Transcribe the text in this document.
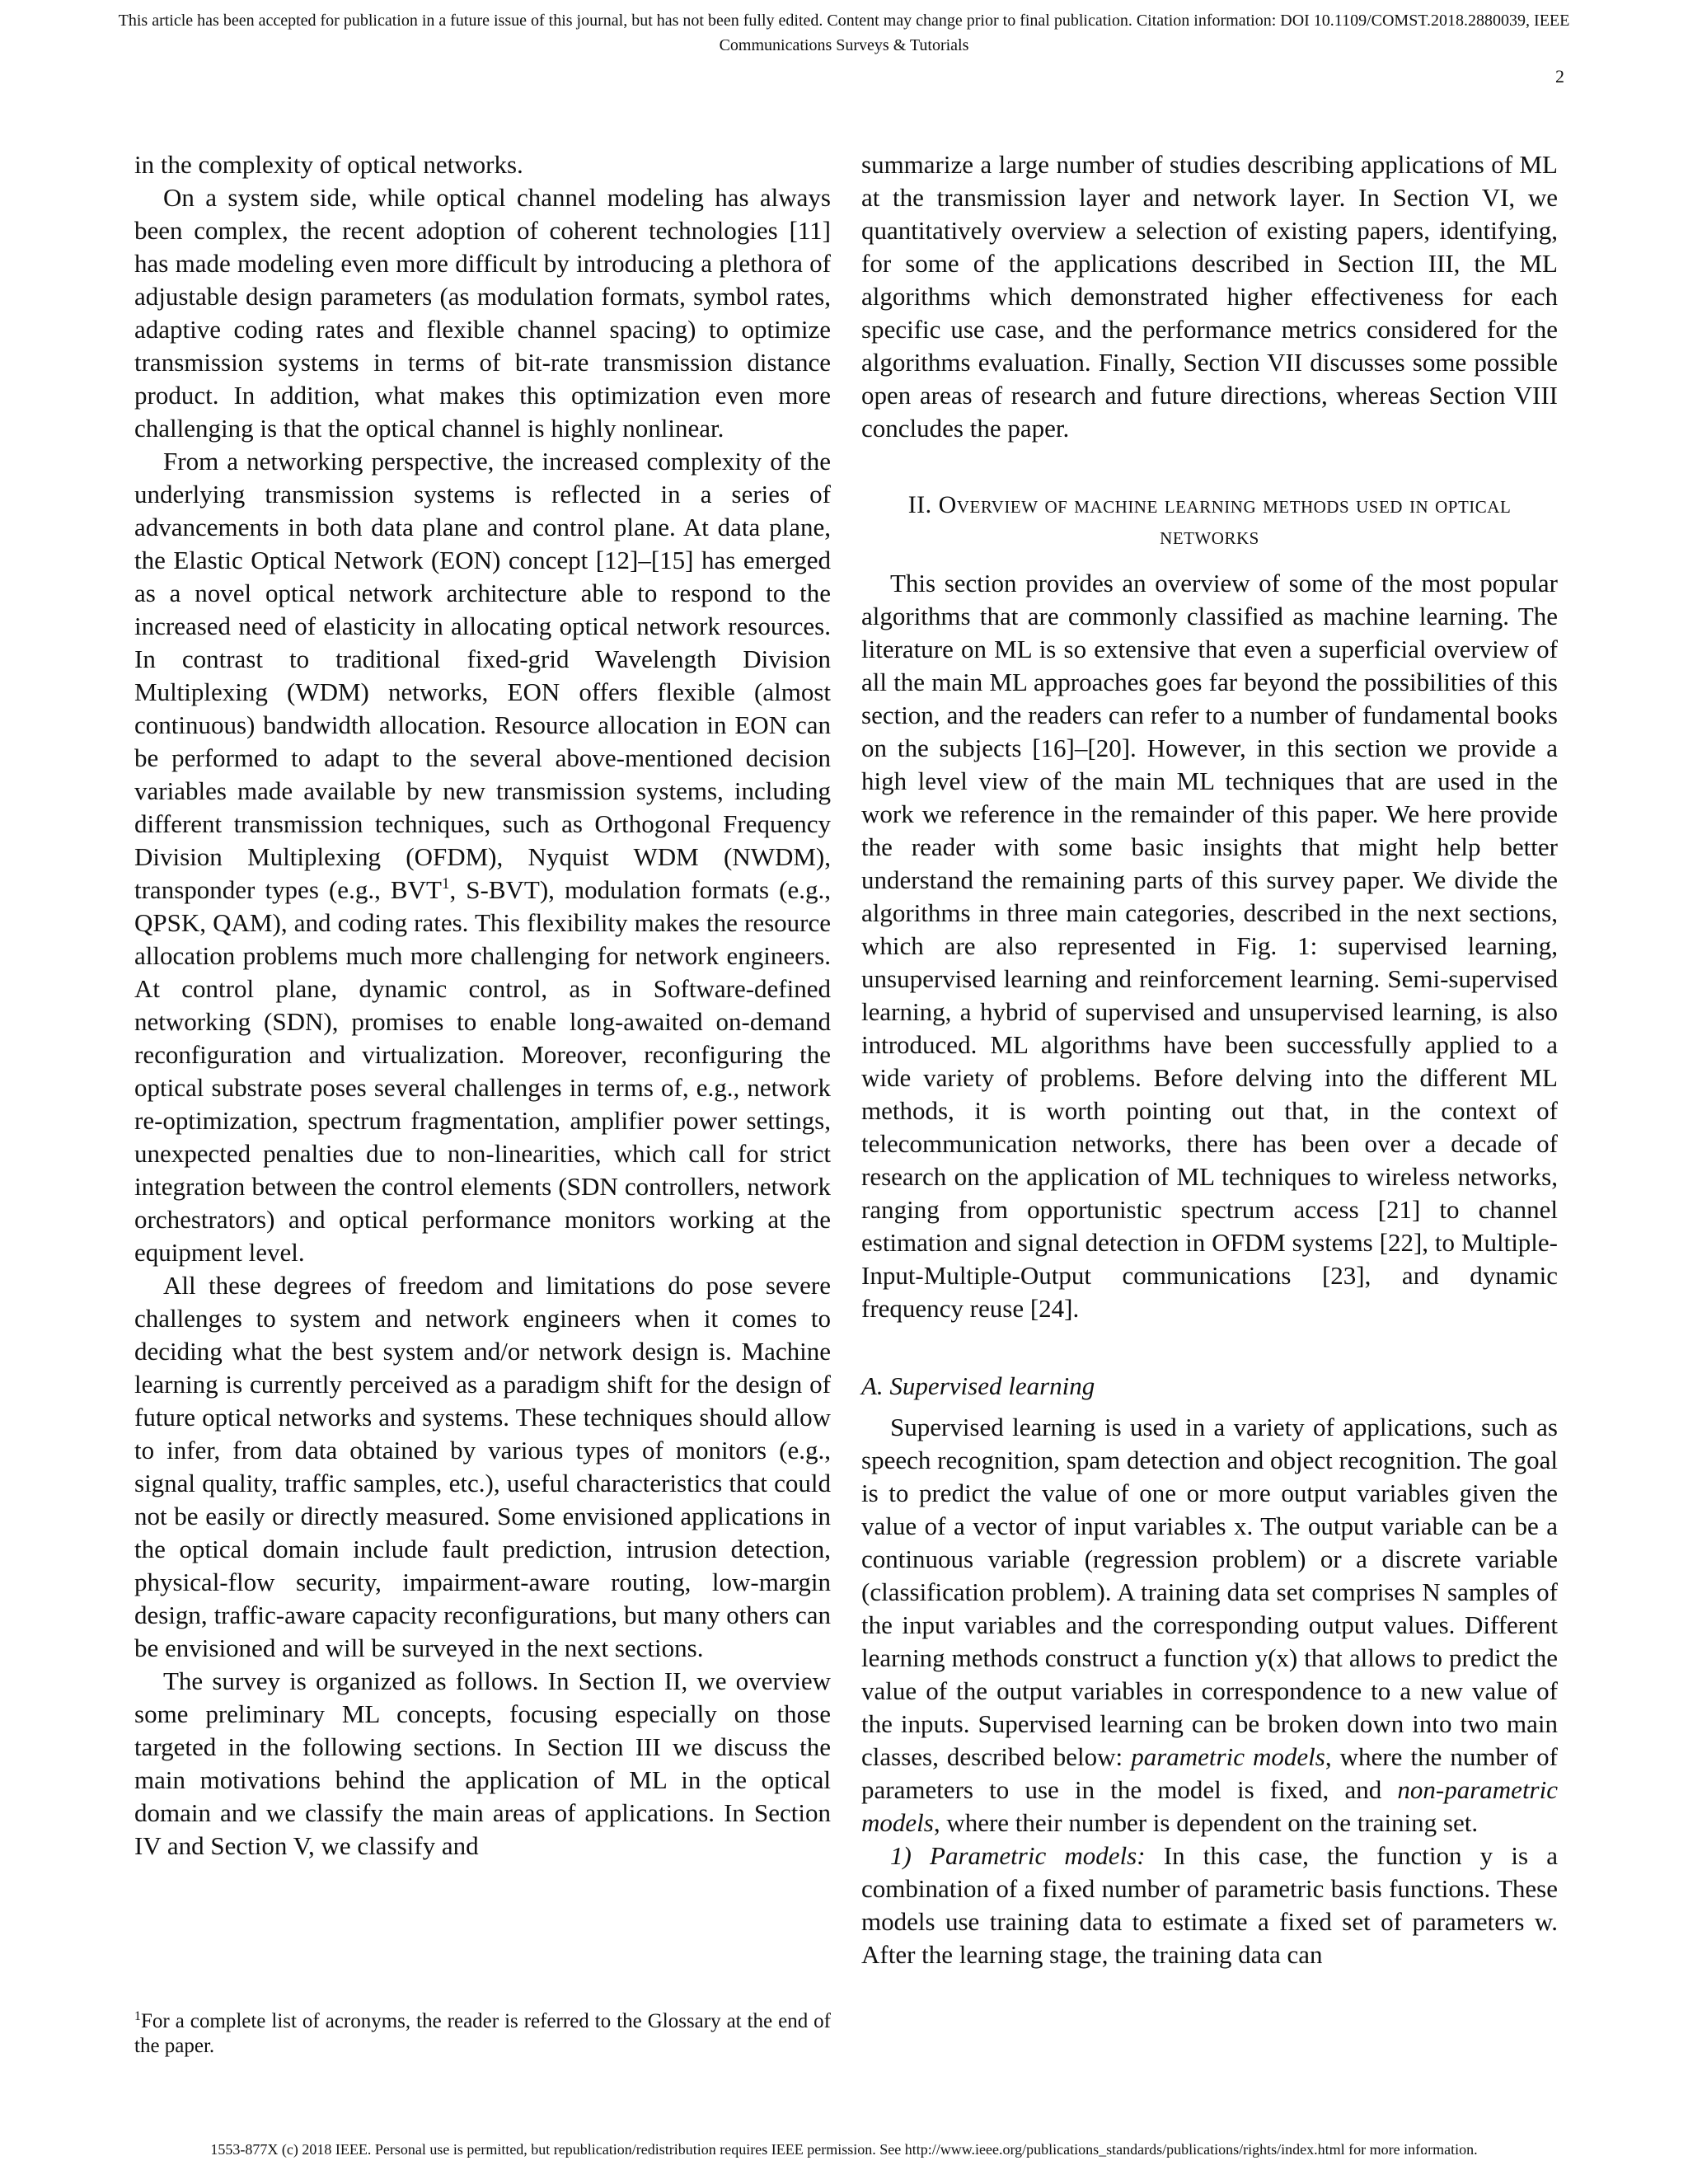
This article has been accepted for publication in a future issue of this journal, but has not been fully edited. Content may change prior to final publication. Citation information: DOI 10.1109/COMST.2018.2880039, IEEE
Communications Surveys & Tutorials
2

in the complexity of optical networks.

On a system side, while optical channel modeling has always been complex, the recent adoption of coherent technologies [11] has made modeling even more difficult by introducing a plethora of adjustable design parameters (as modulation formats, symbol rates, adaptive coding rates and flexible channel spacing) to optimize transmission systems in terms of bit-rate transmission distance product. In addition, what makes this optimization even more challenging is that the optical channel is highly nonlinear.

From a networking perspective, the increased complexity of the underlying transmission systems is reflected in a series of advancements in both data plane and control plane. At data plane, the Elastic Optical Network (EON) concept [12]–[15] has emerged as a novel optical network architecture able to respond to the increased need of elasticity in allocating optical network resources. In contrast to traditional fixed-grid Wavelength Division Multiplexing (WDM) networks, EON offers flexible (almost continuous) bandwidth allocation. Resource allocation in EON can be performed to adapt to the several above-mentioned decision variables made available by new transmission systems, including different transmission techniques, such as Orthogonal Frequency Division Multiplexing (OFDM), Nyquist WDM (NWDM), transponder types (e.g., BVT$^1$, S-BVT), modulation formats (e.g., QPSK, QAM), and coding rates. This flexibility makes the resource allocation problems much more challenging for network engineers. At control plane, dynamic control, as in Software-defined networking (SDN), promises to enable long-awaited on-demand reconfiguration and virtualization. Moreover, reconfiguring the optical substrate poses several challenges in terms of, e.g., network re-optimization, spectrum fragmentation, amplifier power settings, unexpected penalties due to non-linearities, which call for strict integration between the control elements (SDN controllers, network orchestrators) and optical performance monitors working at the equipment level.

All these degrees of freedom and limitations do pose severe challenges to system and network engineers when it comes to deciding what the best system and/or network design is. Machine learning is currently perceived as a paradigm shift for the design of future optical networks and systems. These techniques should allow to infer, from data obtained by various types of monitors (e.g., signal quality, traffic samples, etc.), useful characteristics that could not be easily or directly measured. Some envisioned applications in the optical domain include fault prediction, intrusion detection, physical-flow security, impairment-aware routing, low-margin design, traffic-aware capacity reconfigurations, but many others can be envisioned and will be surveyed in the next sections.

The survey is organized as follows. In Section II, we overview some preliminary ML concepts, focusing especially on those targeted in the following sections. In Section III we discuss the main motivations behind the application of ML in the optical domain and we classify the main areas of applications. In Section IV and Section V, we classify and

$^1$For a complete list of acronyms, the reader is referred to the Glossary at the end of the paper.

summarize a large number of studies describing applications of ML at the transmission layer and network layer. In Section VI, we quantitatively overview a selection of existing papers, identifying, for some of the applications described in Section III, the ML algorithms which demonstrated higher effectiveness for each specific use case, and the performance metrics considered for the algorithms evaluation. Finally, Section VII discusses some possible open areas of research and future directions, whereas Section VIII concludes the paper.

II. Overview of machine learning methods used in optical networks

This section provides an overview of some of the most popular algorithms that are commonly classified as machine learning. The literature on ML is so extensive that even a superficial overview of all the main ML approaches goes far beyond the possibilities of this section, and the readers can refer to a number of fundamental books on the subjects [16]–[20]. However, in this section we provide a high level view of the main ML techniques that are used in the work we reference in the remainder of this paper. We here provide the reader with some basic insights that might help better understand the remaining parts of this survey paper. We divide the algorithms in three main categories, described in the next sections, which are also represented in Fig. 1: supervised learning, unsupervised learning and reinforcement learning. Semi-supervised learning, a hybrid of supervised and unsupervised learning, is also introduced. ML algorithms have been successfully applied to a wide variety of problems. Before delving into the different ML methods, it is worth pointing out that, in the context of telecommunication networks, there has been over a decade of research on the application of ML techniques to wireless networks, ranging from opportunistic spectrum access [21] to channel estimation and signal detection in OFDM systems [22], to Multiple-Input-Multiple-Output communications [23], and dynamic frequency reuse [24].

A. Supervised learning

Supervised learning is used in a variety of applications, such as speech recognition, spam detection and object recognition. The goal is to predict the value of one or more output variables given the value of a vector of input variables x. The output variable can be a continuous variable (regression problem) or a discrete variable (classification problem). A training data set comprises N samples of the input variables and the corresponding output values. Different learning methods construct a function y(x) that allows to predict the value of the output variables in correspondence to a new value of the inputs. Supervised learning can be broken down into two main classes, described below: parametric models, where the number of parameters to use in the model is fixed, and non-parametric models, where their number is dependent on the training set.

1) Parametric models: In this case, the function y is a combination of a fixed number of parametric basis functions. These models use training data to estimate a fixed set of parameters w. After the learning stage, the training data can

1553-877X (c) 2018 IEEE. Personal use is permitted, but republication/redistribution requires IEEE permission. See http://www.ieee.org/publications_standards/publications/rights/index.html for more information.
